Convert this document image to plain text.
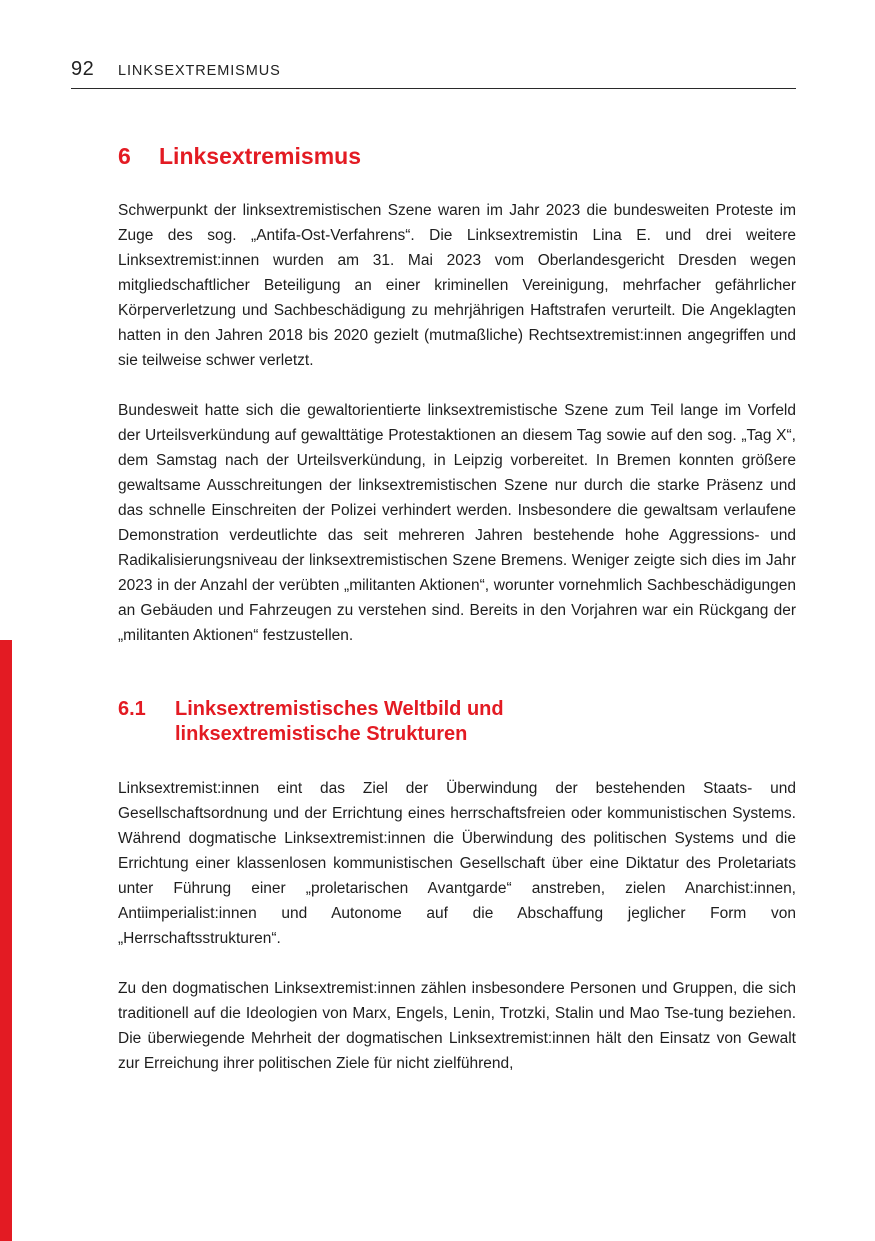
92 LINKSEXTREMISMUS
6	Linksextremismus

Schwerpunkt der linksextremistischen Szene waren im Jahr 2023 die bundesweiten Proteste im Zuge des sog. „Antifa-Ost-Verfahrens“. Die Linksextremistin Lina E. und drei weitere Linksextremist:innen wurden am 31. Mai 2023 vom Oberlandesgericht Dresden wegen mitgliedschaftlicher Beteiligung an einer kriminellen Vereinigung, mehrfacher gefährlicher Körperverletzung und Sachbeschädigung zu mehrjährigen Haftstrafen verurteilt. Die Angeklagten hatten in den Jahren 2018 bis 2020 gezielt (mutmaßliche) Rechtsextremist:innen angegriffen und sie teilweise schwer verletzt.

Bundesweit hatte sich die gewaltorientierte linksextremistische Szene zum Teil lange im Vorfeld der Urteilsverkündung auf gewalttätige Protestaktionen an diesem Tag sowie auf den sog. „Tag X“, dem Samstag nach der Urteilsverkündung, in Leipzig vorbereitet. In Bremen konnten größere gewaltsame Ausschreitungen der linksextremistischen Szene nur durch die starke Präsenz und das schnelle Einschreiten der Polizei verhindert werden. Insbesondere die gewaltsam verlaufene Demonstration verdeutlichte das seit mehreren Jahren bestehende hohe Aggressions- und Radikalisierungsniveau der linksextremistischen Szene Bremens. Weniger zeigte sich dies im Jahr 2023 in der Anzahl der verübten „militanten Aktionen“, worunter vornehmlich Sachbeschädigungen an Gebäuden und Fahrzeugen zu verstehen sind. Bereits in den Vorjahren war ein Rückgang der „militanten Aktionen“ festzustellen.

6.1	Linksextremistisches Weltbild und
linksextremistische Strukturen

Linksextremist:innen eint das Ziel der Überwindung der bestehenden Staats- und Gesellschaftsordnung und der Errichtung eines herrschaftsfreien oder kommunistischen Systems. Während dogmatische Linksextremist:innen die Überwindung des politischen Systems und die Errichtung einer klassenlosen kommunistischen Gesellschaft über eine Diktatur des Proletariats unter Führung einer „proletarischen Avantgarde“ anstreben, zielen Anarchist:innen, Antiimperialist:innen und Autonome auf die Abschaffung jeglicher Form von „Herrschaftsstrukturen“.

Zu den dogmatischen Linksextremist:innen zählen insbesondere Personen und Gruppen, die sich traditionell auf die Ideologien von Marx, Engels, Lenin, Trotzki, Stalin und Mao Tse-tung beziehen. Die überwiegende Mehrheit der dogmatischen Linksextremist:innen hält den Einsatz von Gewalt zur Erreichung ihrer politischen Ziele für nicht zielführend,
